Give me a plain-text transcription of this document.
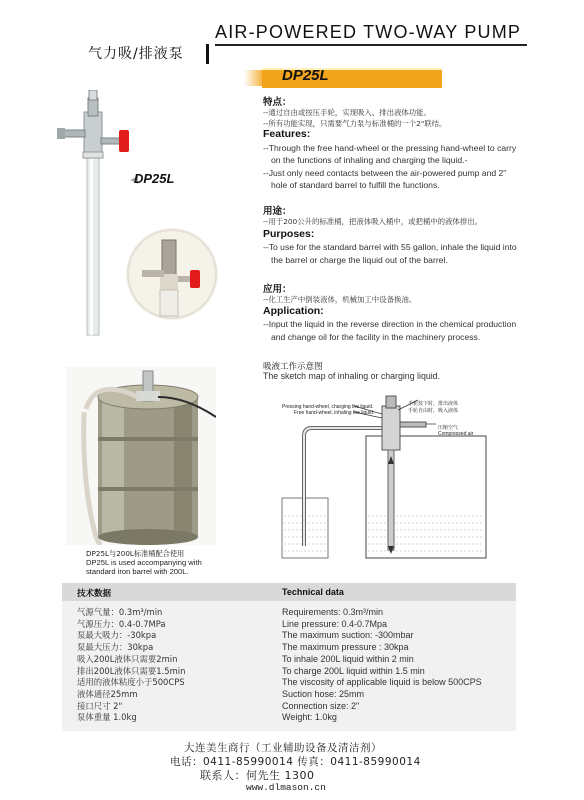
AIR-POWERED TWO-WAY PUMP
气力吸/排液泵
DP25L
DP25L
DP25L与200L标准桶配合使用
DP25L is used accompanying with
standard iron barrel with 200L.
特点：
--通过自由或按压手轮，实现吸入、排出液体功能。
--所有功能实现，只需要气力泵与标准桶的一个2"联结。
Features:
--Through the free hand-wheel or the pressing hand-wheel to carry
on the functions of inhaling and charging the liquid.-
--Just only need contacts between the air-powered pump and 2"
hole of standard barrel to fulfill the functions.
用途：
--用于200公升的标准桶，把液体吸入桶中，或把桶中的液体排出。
Purposes:
--To use for the standard barrel with 55 gallon, inhale the liquid into
the barrel or charge the liquid out of the barrel.
应用：
--化工生产中倒装液体，机械加工中设备换油。
Application:
--Input the liquid in the reverse direction in the chemical production
and change oil for the facility in the machinery process.
吸液工作示意图
The sketch map of inhaling or charging liquid.
Pressing hand-wheel, charging the liquid.
Free hand-wheel, inhaling the liquid.
手轮按下时，排出液体
手轮自由时，吸入液体
压缩空气
Compressed air
技术数据	Technical data
气源气量：0.3m³/min
气源压力：0.4-0.7MPa
泵最大吸力：-30kpa
泵最大压力：30kpa
吸入200L液体只需要2min
排出200L液体只需要1.5min
适用的液体粘度小于500CPS
液体通径25mm
接口尺寸 2"
泵体重量 1.0kg
Requirements: 0.3m³/min
Line pressure: 0.4-0.7Mpa
The maximum suction: -300mbar
The maximum pressure : 30kpa
To inhale 200L liquid within 2 min
To charge 200L liquid within 1.5 min
The viscosity of applicable liquid is below 500CPS
Suction hose: 25mm
Connection size: 2"
Weight: 1.0kg
大连美生商行（工业辅助设备及清洁剂）
电话：0411-85990014 传真：0411-85990014
联系人：何先生 1300
www.dlmason.cn
